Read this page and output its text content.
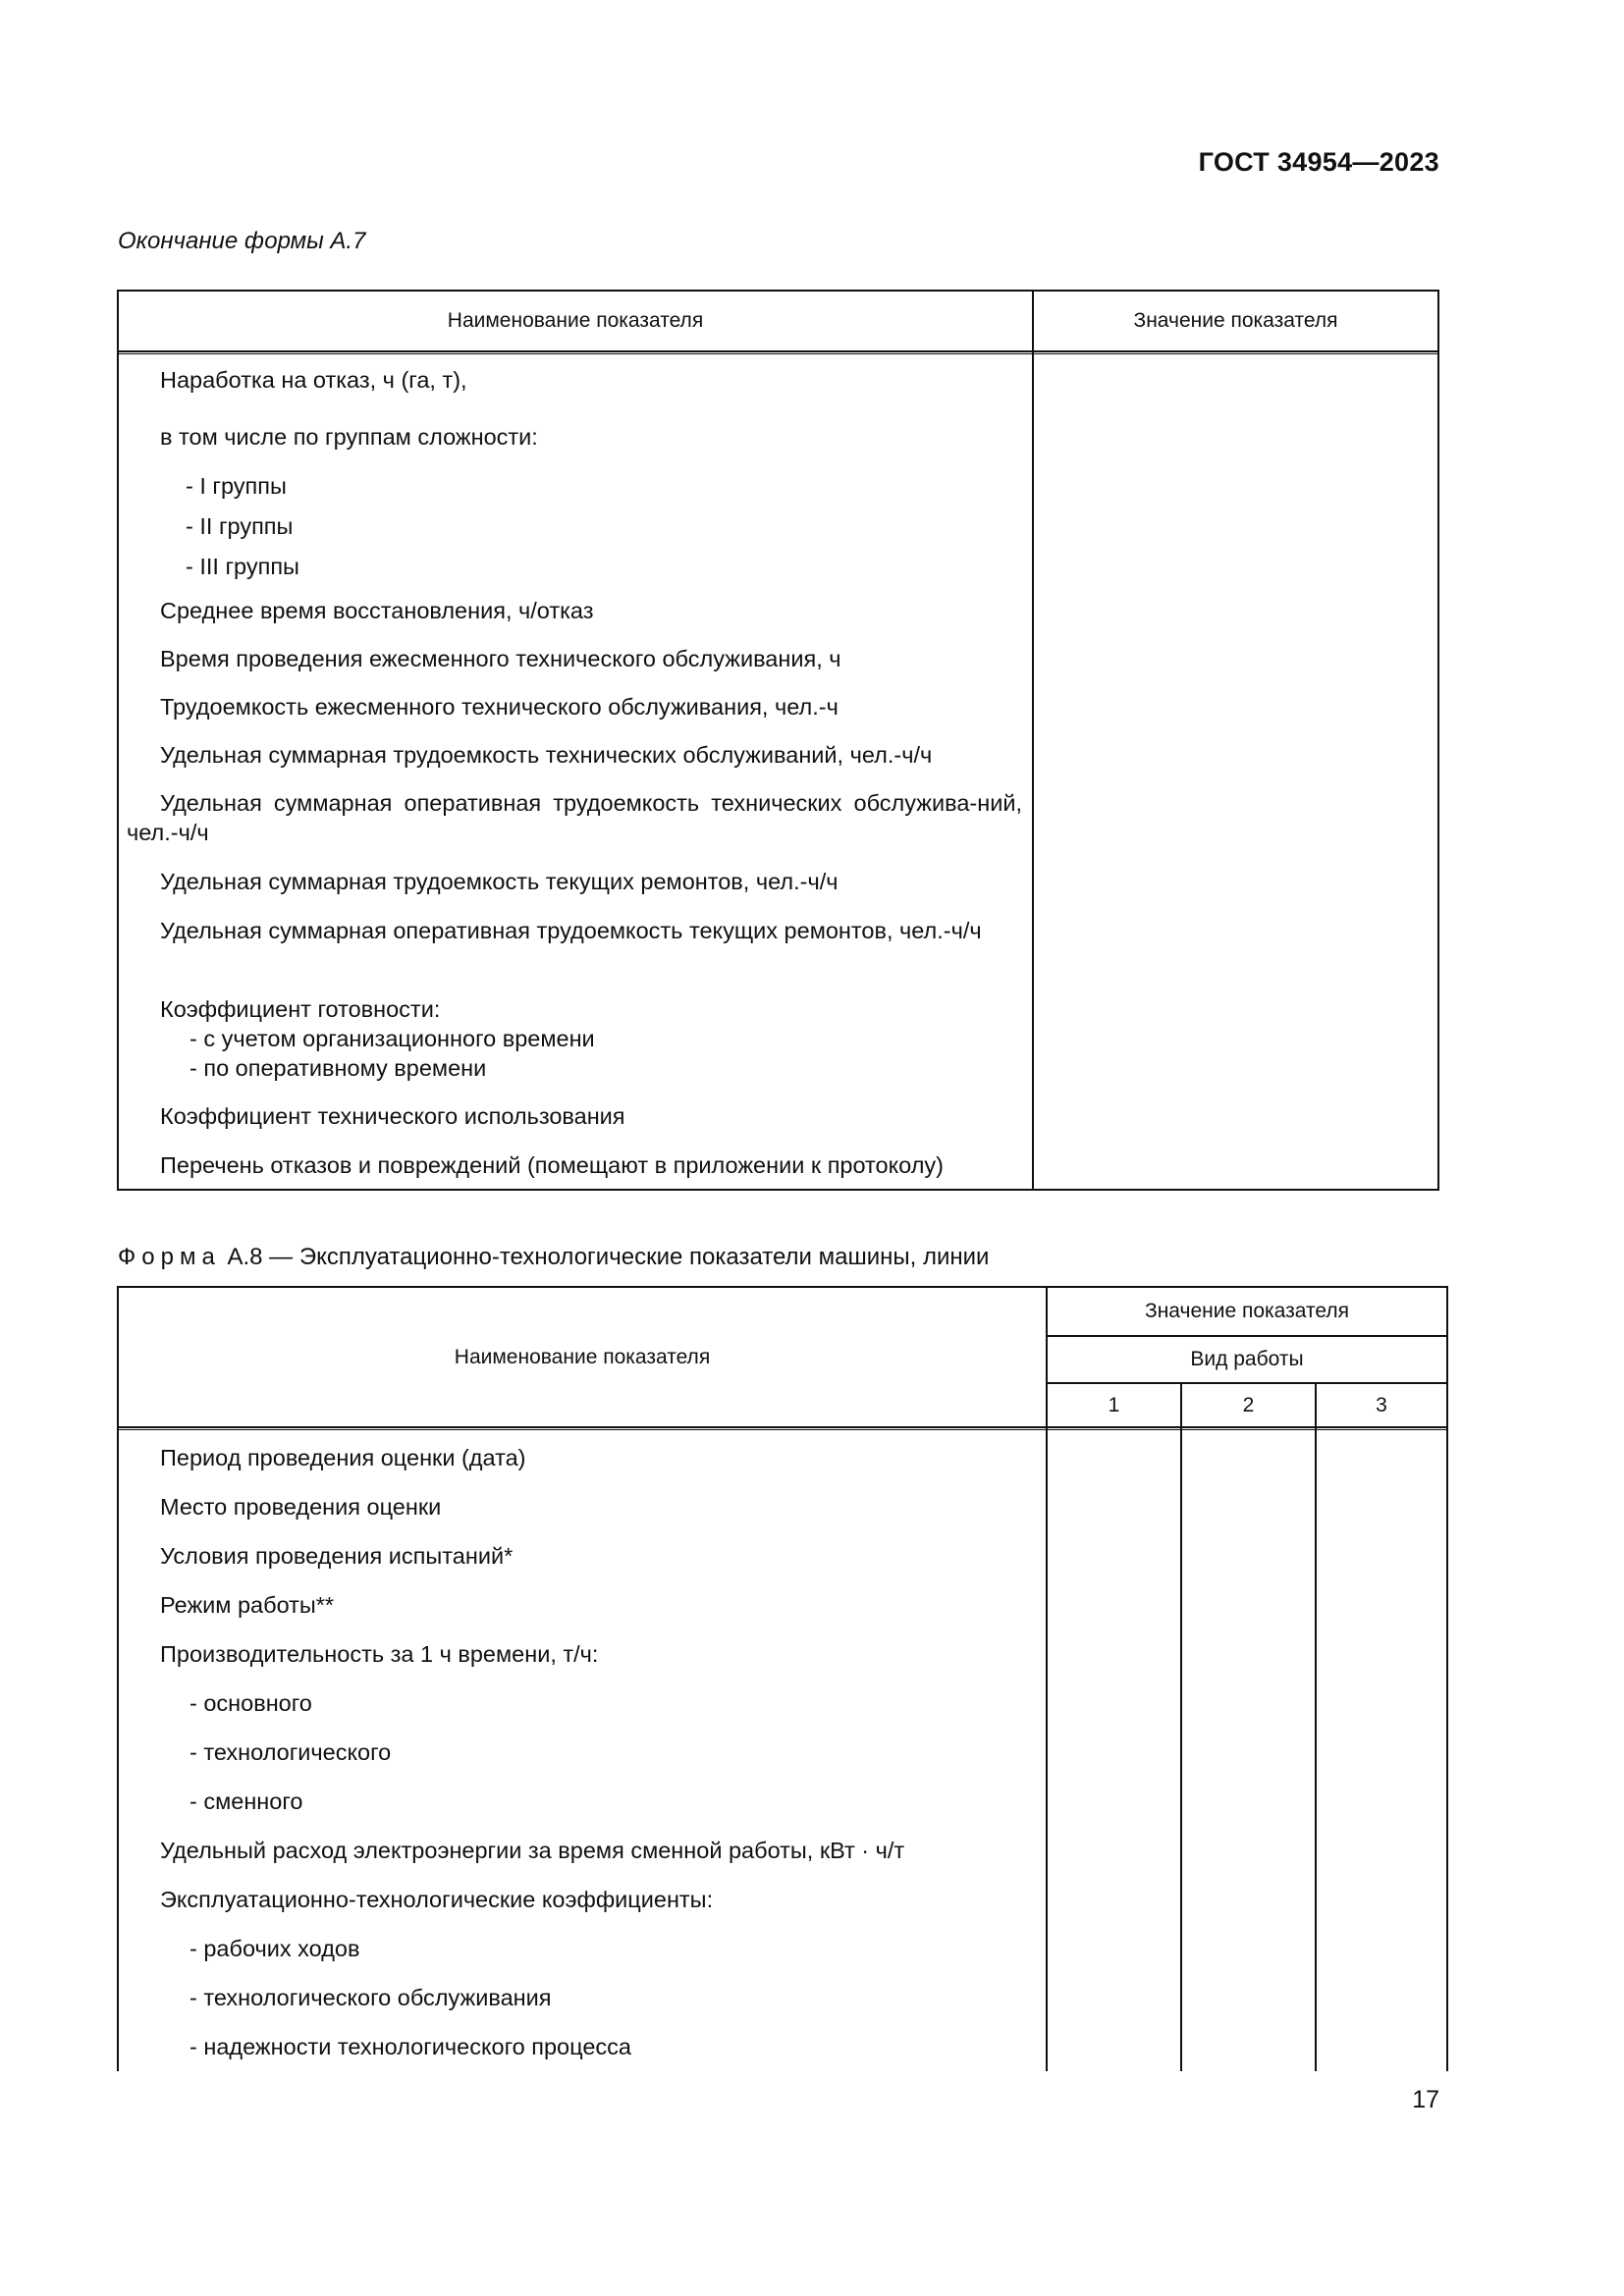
ГОСТ 34954—2023
Окончание формы А.7
Наименование показателя	Значение показателя
Наработка на отказ, ч (га, т),
в том числе по группам сложности:
- I группы
- II группы
- III группы
Среднее время восстановления, ч/отказ
Время проведения ежесменного технического обслуживания, ч
Трудоемкость ежесменного технического обслуживания, чел.-ч
Удельная суммарная трудоемкость технических обслуживаний, чел.-ч/ч
Удельная суммарная оперативная трудоемкость технических обслужива-ний, чел.-ч/ч
Удельная суммарная трудоемкость текущих ремонтов, чел.-ч/ч
Удельная суммарная оперативная трудоемкость текущих ремонтов, чел.-ч/ч
Коэффициент готовности:
- с учетом организационного времени
- по оперативному времени
Коэффициент технического использования
Перечень отказов и повреждений (помещают в приложении к протоколу)
Форма А.8 — Эксплуатационно-технологические показатели машины, линии
Наименование показателя
Значение показателя
Вид работы
1	2	3
Период проведения оценки (дата)
Место проведения оценки
Условия проведения испытаний*
Режим работы**
Производительность за 1 ч времени, т/ч:
- основного
- технологического
- сменного
Удельный расход электроэнергии за время сменной работы, кВт · ч/т
Эксплуатационно-технологические коэффициенты:
- рабочих ходов
- технологического обслуживания
- надежности технологического процесса
17
